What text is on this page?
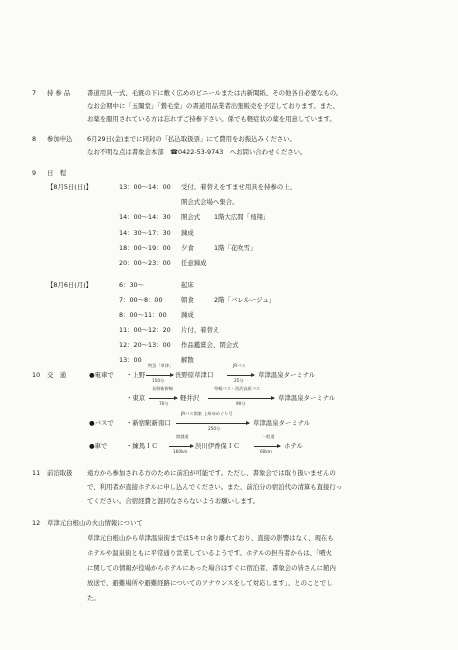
7 持 参 品	書道用具一式、毛氈の下に敷く広めのビニールまたは古新聞紙、その他各自必要なもの。
なお会期中に「玉闌堂」「鶯毛堂」の書道用品業者出張販売を予定しております。また、
お薬を服用されている方は忘れずご持参下さい。係でも軽症状の薬を用意しています。
8 参加申込 6月29日(金)までに同封の「払込取扱票」にて費用をお振込みください。
なお不明な点は書象会本部　☎0422-53-9743　へお問い合わせください。
9 日　程
【8月5日(日)】	13：00～14：00 受付、着替えをすませ用具を持参の上、
開会式会場へ集合。
14：00～14：30 開会式 1階大広間「飛翔」
14：30～17：30 錬成
18：00～19：00 夕食	1階「花吹雪」
20：00～23：00 任意錬成
【8月6日(月)】	6：30～	起床
7：00～8：00	朝食	2階「バレルージュ」
8：00～11：00 錬成
11：00～12：20 片付、着替え
12：20～13：00 作品鑑賞会、閉会式
13：00	解散
10 交　通	●電車で ・上野
特急「草津」
150分
長野原草津口
JRバス
25分
草津温泉ターミナル
・東京
長野新幹線
70分
軽井沢
草軽バス・西武高原バス
90分
草津温泉ターミナル
●バスで ・新宿駅新南口
JRバス関東 上州ゆめぐり号
250分
草津温泉ターミナル
●車で	・練馬ＩＣ
関越道
160km
渋川伊香保ＩＣ
一般道
60km
ホテル
11 前泊取扱 遠方から参加される方のために前泊が可能です。ただし、書象会では取り扱いませんの
で、利用者が直接ホテルに申し込んでください。また、前泊分の宿泊代の清算も直接行っ
てください。合宿経費と混同なさらないようお願いします。
12 草津元白根山の火山情報について
草津元白根山から草津温泉街までは5キロ余り離れており、直接の影響はなく、現在も
ホテルや温泉街ともに平常通り営業しているようです。ホテルの担当者からは、「噴火
に関しての情報が役場からホテルにあった場合はすぐに宿泊者、書象会の皆さんに館内
放送で、避難場所や避難経路についてのアナウンスをして対応します」、とのことでし
た。
